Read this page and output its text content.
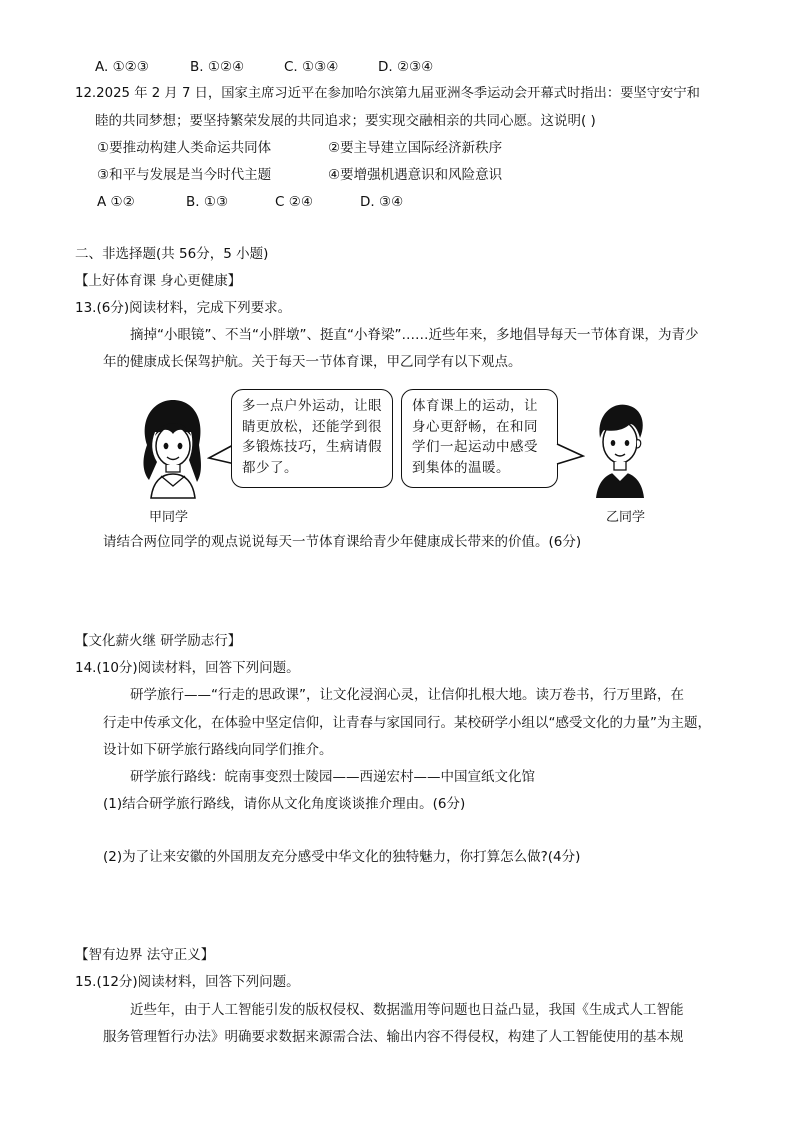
A. ①②③	B. ①②④	C. ①③④	D. ②③④
12.2025 年 2 月 7 日，国家主席习近平在参加哈尔滨第九届亚洲冬季运动会开幕式时指出：要坚守安宁和
睦的共同梦想；要坚持繁荣发展的共同追求；要实现交融相亲的共同心愿。这说明( )
①要推动构建人类命运共同体	②要主导建立国际经济新秩序
③和平与发展是当今时代主题	④要增强机遇意识和风险意识
A ①②	B. ①③	C ②④	D. ③④
二、非选择题(共 56分，5 小题)
【上好体育课 身心更健康】
13.(6分)阅读材料，完成下列要求。
摘掉“小眼镜”、不当“小胖墩”、挺直“小脊梁”……近些年来，多地倡导每天一节体育课，为青少
年的健康成长保驾护航。关于每天一节体育课，甲乙同学有以下观点。
甲同学
多一点户外运动，让眼睛更放松，还能学到很多锻炼技巧，生病请假都少了。
体育课上的运动，让身心更舒畅，在和同学们一起运动中感受到集体的温暖。
乙同学
请结合两位同学的观点说说每天一节体育课给青少年健康成长带来的价值。(6分)
【文化薪火继 研学励志行】
14.(10分)阅读材料，回答下列问题。
研学旅行——“行走的思政课”，让文化浸润心灵，让信仰扎根大地。读万卷书，行万里路，在
行走中传承文化，在体验中坚定信仰，让青春与家国同行。某校研学小组以“感受文化的力量”为主题，
设计如下研学旅行路线向同学们推介。
研学旅行路线：皖南事变烈士陵园——西递宏村——中国宣纸文化馆
(1)结合研学旅行路线，请你从文化角度谈谈推介理由。(6分)
(2)为了让来安徽的外国朋友充分感受中华文化的独特魅力，你打算怎么做?(4分)
【智有边界 法守正义】
15.(12分)阅读材料，回答下列问题。
近些年，由于人工智能引发的版权侵权、数据滥用等问题也日益凸显，我国《生成式人工智能
服务管理暂行办法》明确要求数据来源需合法、输出内容不得侵权，构建了人工智能使用的基本规
